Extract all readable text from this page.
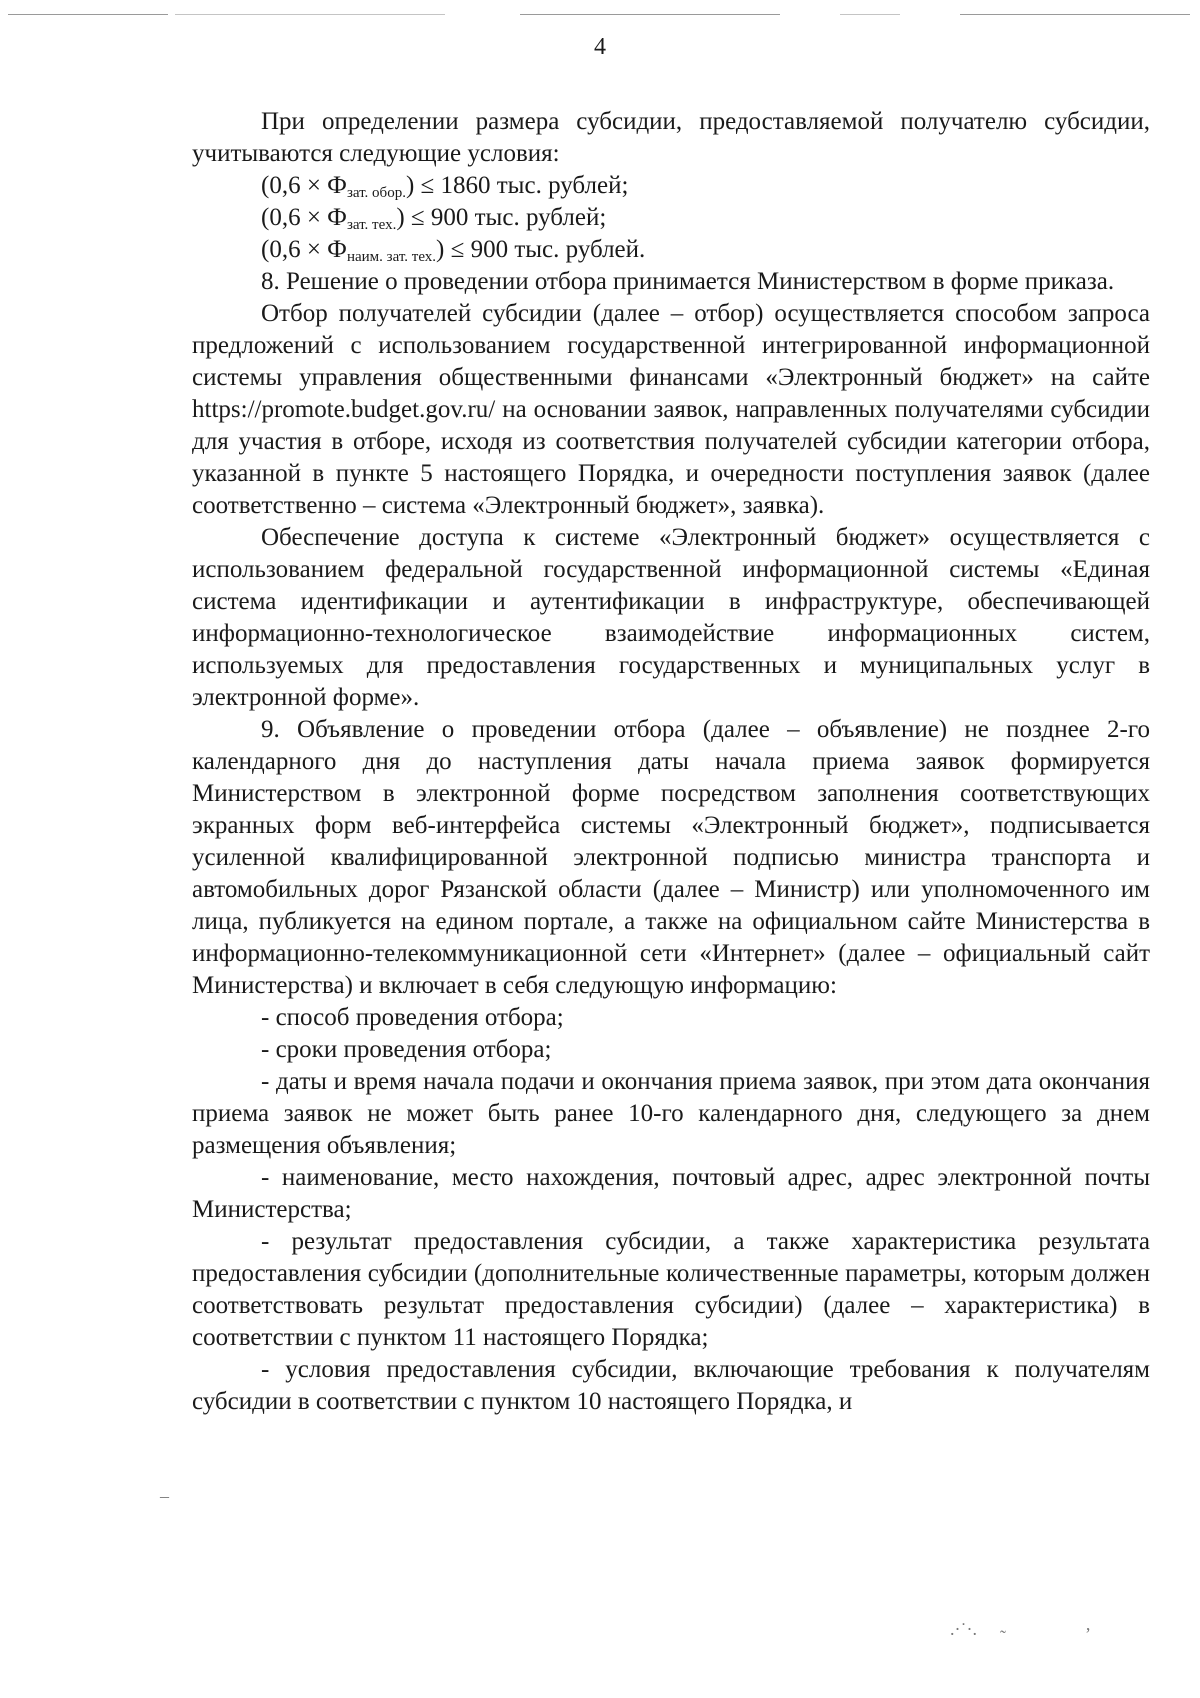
4

При определении размера субсидии, предоставляемой получателю субсидии, учитываются следующие условия:

$(0,6 \times Ф_{зат. обор.}) \le 1860$ тыс. рублей;

$(0,6 \times Ф_{зат. тех.}) \le 900$ тыс. рублей;

$(0,6 \times Ф_{наим. зат. тех.}) \le 900$ тыс. рублей.

8. Решение о проведении отбора принимается Министерством в форме приказа.

Отбор получателей субсидии (далее – отбор) осуществляется способом запроса предложений с использованием государственной интегрированной информационной системы управления общественными финансами «Электронный бюджет» на сайте https://promote.budget.gov.ru/ на основании заявок, направленных получателями субсидии для участия в отборе, исходя из соответствия получателей субсидии категории отбора, указанной в пункте 5 настоящего Порядка, и очередности поступления заявок (далее соответственно – система «Электронный бюджет», заявка).

Обеспечение доступа к системе «Электронный бюджет» осуществляется с использованием федеральной государственной информационной системы «Единая система идентификации и аутентификации в инфраструктуре, обеспечивающей информационно-технологическое взаимодействие информационных систем, используемых для предоставления государственных и муниципальных услуг в электронной форме».

9. Объявление о проведении отбора (далее – объявление) не позднее 2-го календарного дня до наступления даты начала приема заявок формируется Министерством в электронной форме посредством заполнения соответствующих экранных форм веб-интерфейса системы «Электронный бюджет», подписывается усиленной квалифицированной электронной подписью министра транспорта и автомобильных дорог Рязанской области (далее – Министр) или уполномоченного им лица, публикуется на едином портале, а также на официальном сайте Министерства в информационно-телекоммуникационной сети «Интернет» (далее – официальный сайт Министерства) и включает в себя следующую информацию:

- способ проведения отбора;

- сроки проведения отбора;

- даты и время начала подачи и окончания приема заявок, при этом дата окончания приема заявок не может быть ранее 10-го календарного дня, следующего за днем размещения объявления;

- наименование, место нахождения, почтовый адрес, адрес электронной почты Министерства;

- результат предоставления субсидии, а также характеристика результата предоставления субсидии (дополнительные количественные параметры, которым должен соответствовать результат предоставления субсидии) (далее – характеристика) в соответствии с пунктом 11 настоящего Порядка;

- условия предоставления субсидии, включающие требования к получателям субсидии в соответствии с пунктом 10 настоящего Порядка, и

.·˙·. ˜	ʼ
–
